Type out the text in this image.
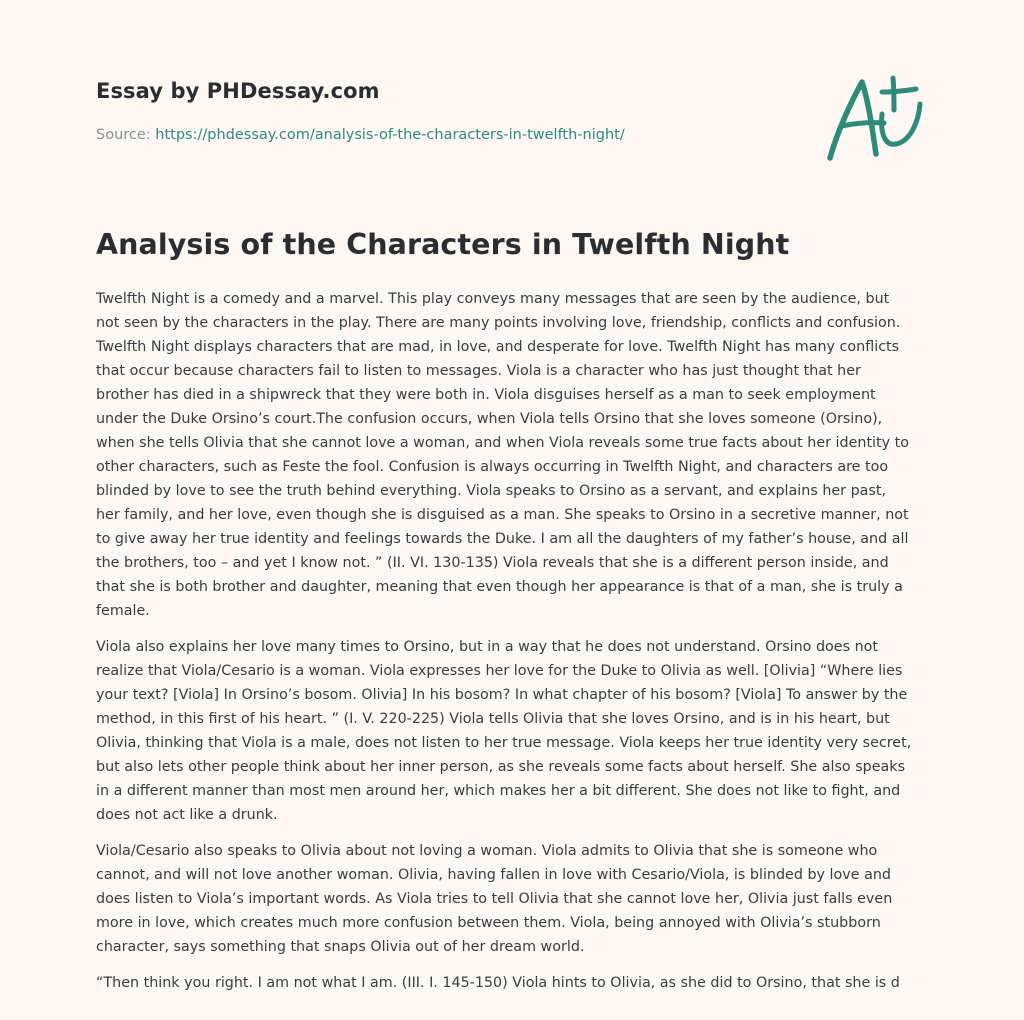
Essay by PHDessay.com
Source: https://phdessay.com/analysis-of-the-characters-in-twelfth-night/
Analysis of the Characters in Twelfth Night

Twelfth Night is a comedy and a marvel. This play conveys many messages that are seen by the audience, but
not seen by the characters in the play. There are many points involving love, friendship, conflicts and confusion.
Twelfth Night displays characters that are mad, in love, and desperate for love. Twelfth Night has many conflicts
that occur because characters fail to listen to messages. Viola is a character who has just thought that her
brother has died in a shipwreck that they were both in. Viola disguises herself as a man to seek employment
under the Duke Orsino’s court.The confusion occurs, when Viola tells Orsino that she loves someone (Orsino),
when she tells Olivia that she cannot love a woman, and when Viola reveals some true facts about her identity to
other characters, such as Feste the fool. Confusion is always occurring in Twelfth Night, and characters are too
blinded by love to see the truth behind everything. Viola speaks to Orsino as a servant, and explains her past,
her family, and her love, even though she is disguised as a man. She speaks to Orsino in a secretive manner, not
to give away her true identity and feelings towards the Duke. I am all the daughters of my father’s house, and all
the brothers, too – and yet I know not. ” (II. VI. 130-135) Viola reveals that she is a different person inside, and
that she is both brother and daughter, meaning that even though her appearance is that of a man, she is truly a
female.

Viola also explains her love many times to Orsino, but in a way that he does not understand. Orsino does not
realize that Viola/Cesario is a woman. Viola expresses her love for the Duke to Olivia as well. [Olivia] “Where lies
your text? [Viola] In Orsino’s bosom. Olivia] In his bosom? In what chapter of his bosom? [Viola] To answer by the
method, in this first of his heart. ” (I. V. 220-225) Viola tells Olivia that she loves Orsino, and is in his heart, but
Olivia, thinking that Viola is a male, does not listen to her true message. Viola keeps her true identity very secret,
but also lets other people think about her inner person, as she reveals some facts about herself. She also speaks
in a different manner than most men around her, which makes her a bit different. She does not like to fight, and
does not act like a drunk.

Viola/Cesario also speaks to Olivia about not loving a woman. Viola admits to Olivia that she is someone who
cannot, and will not love another woman. Olivia, having fallen in love with Cesario/Viola, is blinded by love and
does listen to Viola’s important words. As Viola tries to tell Olivia that she cannot love her, Olivia just falls even
more in love, which creates much more confusion between them. Viola, being annoyed with Olivia’s stubborn
character, says something that snaps Olivia out of her dream world.

“Then think you right. I am not what I am. (III. I. 145-150) Viola hints to Olivia, as she did to Orsino, that she is d
